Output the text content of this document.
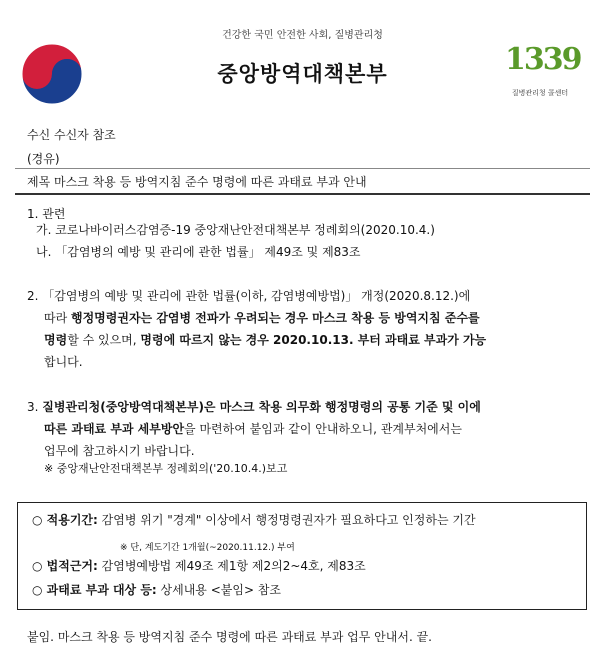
건강한 국민 안전한 사회, 질병관리청
중앙방역대책본부	1339
질병관리청 콜센터
수신 수신자 참조
(경유)
제목 마스크 착용 등 방역지침 준수 명령에 따른 과태료 부과 안내
1. 관련
가. 코로나바이러스감염증-19 중앙재난안전대책본부 정례회의(2020.10.4.)
나. 「감염병의 예방 및 관리에 관한 법률」 제49조 및 제83조
2. 「감염병의 예방 및 관리에 관한 법률(이하, 감염병예방법)」 개정(2020.8.12.)에
따라 행정명령권자는 감염병 전파가 우려되는 경우 마스크 착용 등 방역지침 준수를
명령할 수 있으며, 명령에 따르지 않는 경우 2020.10.13. 부터 과태료 부과가 가능
합니다.
3. 질병관리청(중앙방역대책본부)은 마스크 착용 의무화 행정명령의 공통 기준 및 이에
따른 과태료 부과 세부방안을 마련하여 붙임과 같이 안내하오니, 관계부처에서는
업무에 참고하시기 바랍니다.
※ 중앙재난안전대책본부 정례회의('20.10.4.)보고
○ 적용기간: 감염병 위기 "경계" 이상에서 행정명령권자가 필요하다고 인정하는 기간
※ 단, 계도기간 1개월(~2020.11.12.) 부여
○ 법적근거: 감염병예방법 제49조 제1항 제2의2~4호, 제83조
○ 과태료 부과 대상 등: 상세내용 <붙임> 참조
붙임. 마스크 착용 등 방역지침 준수 명령에 따른 과태료 부과 업무 안내서. 끝.
